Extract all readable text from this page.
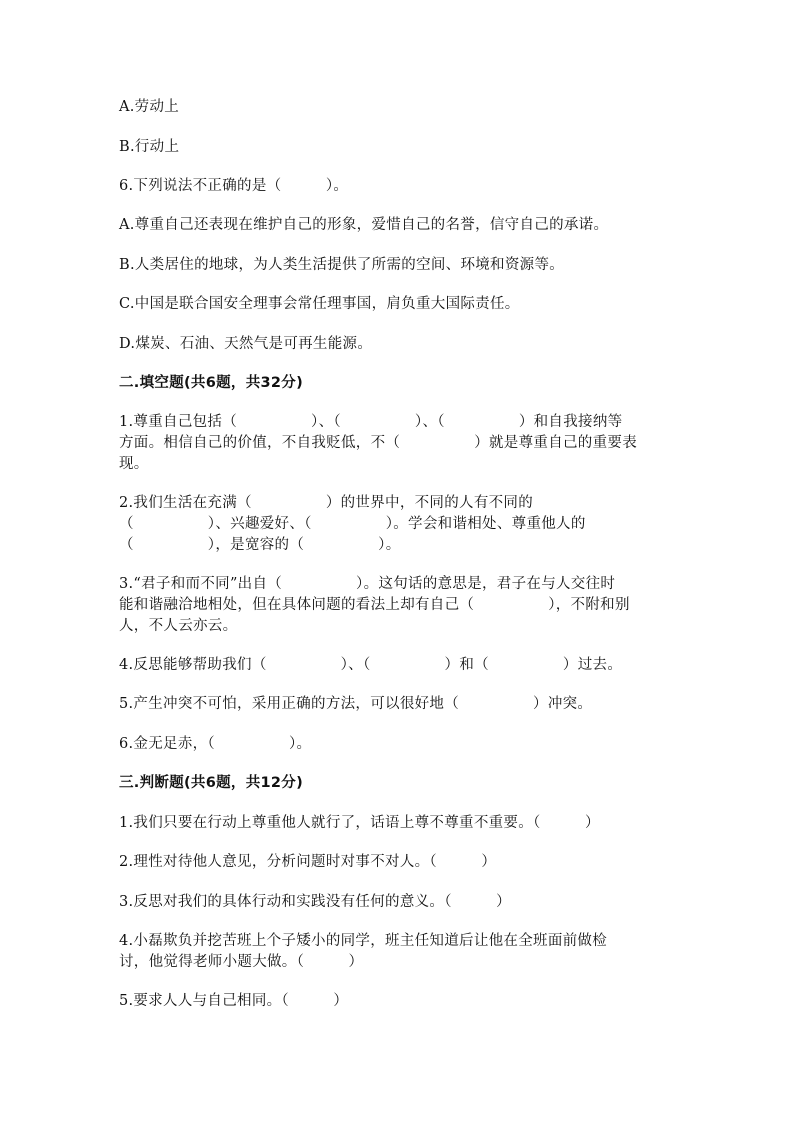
A.劳动上
B.行动上
6.下列说法不正确的是（　　　）。
A.尊重自己还表现在维护自己的形象，爱惜自己的名誉，信守自己的承诺。
B.人类居住的地球，为人类生活提供了所需的空间、环境和资源等。
C.中国是联合国安全理事会常任理事国，肩负重大国际责任。
D.煤炭、石油、天然气是可再生能源。
二.填空题(共6题，共32分)
1.尊重自己包括（　　　　　）、（　　　　　）、（　　　　　）和自我接纳等
方面。相信自己的价值，不自我贬低，不（　　　　　）就是尊重自己的重要表
现。
2.我们生活在充满（　　　　　）的世界中，不同的人有不同的
（　　　　　）、兴趣爱好、（　　　　　）。学会和谐相处、尊重他人的
（　　　　　），是宽容的（　　　　　）。
3.“君子和而不同”出自（　　　　　）。这句话的意思是，君子在与人交往时
能和谐融洽地相处，但在具体问题的看法上却有自己（　　　　　），不附和别
人，不人云亦云。
4.反思能够帮助我们（　　　　　）、（　　　　　）和（　　　　　）过去。
5.产生冲突不可怕，采用正确的方法，可以很好地（　　　　　）冲突。
6.金无足赤，（　　　　　）。
三.判断题(共6题，共12分)
1.我们只要在行动上尊重他人就行了，话语上尊不尊重不重要。（　　　）
2.理性对待他人意见，分析问题时对事不对人。（　　　）
3.反思对我们的具体行动和实践没有任何的意义。（　　　）
4.小磊欺负并挖苦班上个子矮小的同学，班主任知道后让他在全班面前做检
讨，他觉得老师小题大做。（　　　）
5.要求人人与自己相同。（　　　）
